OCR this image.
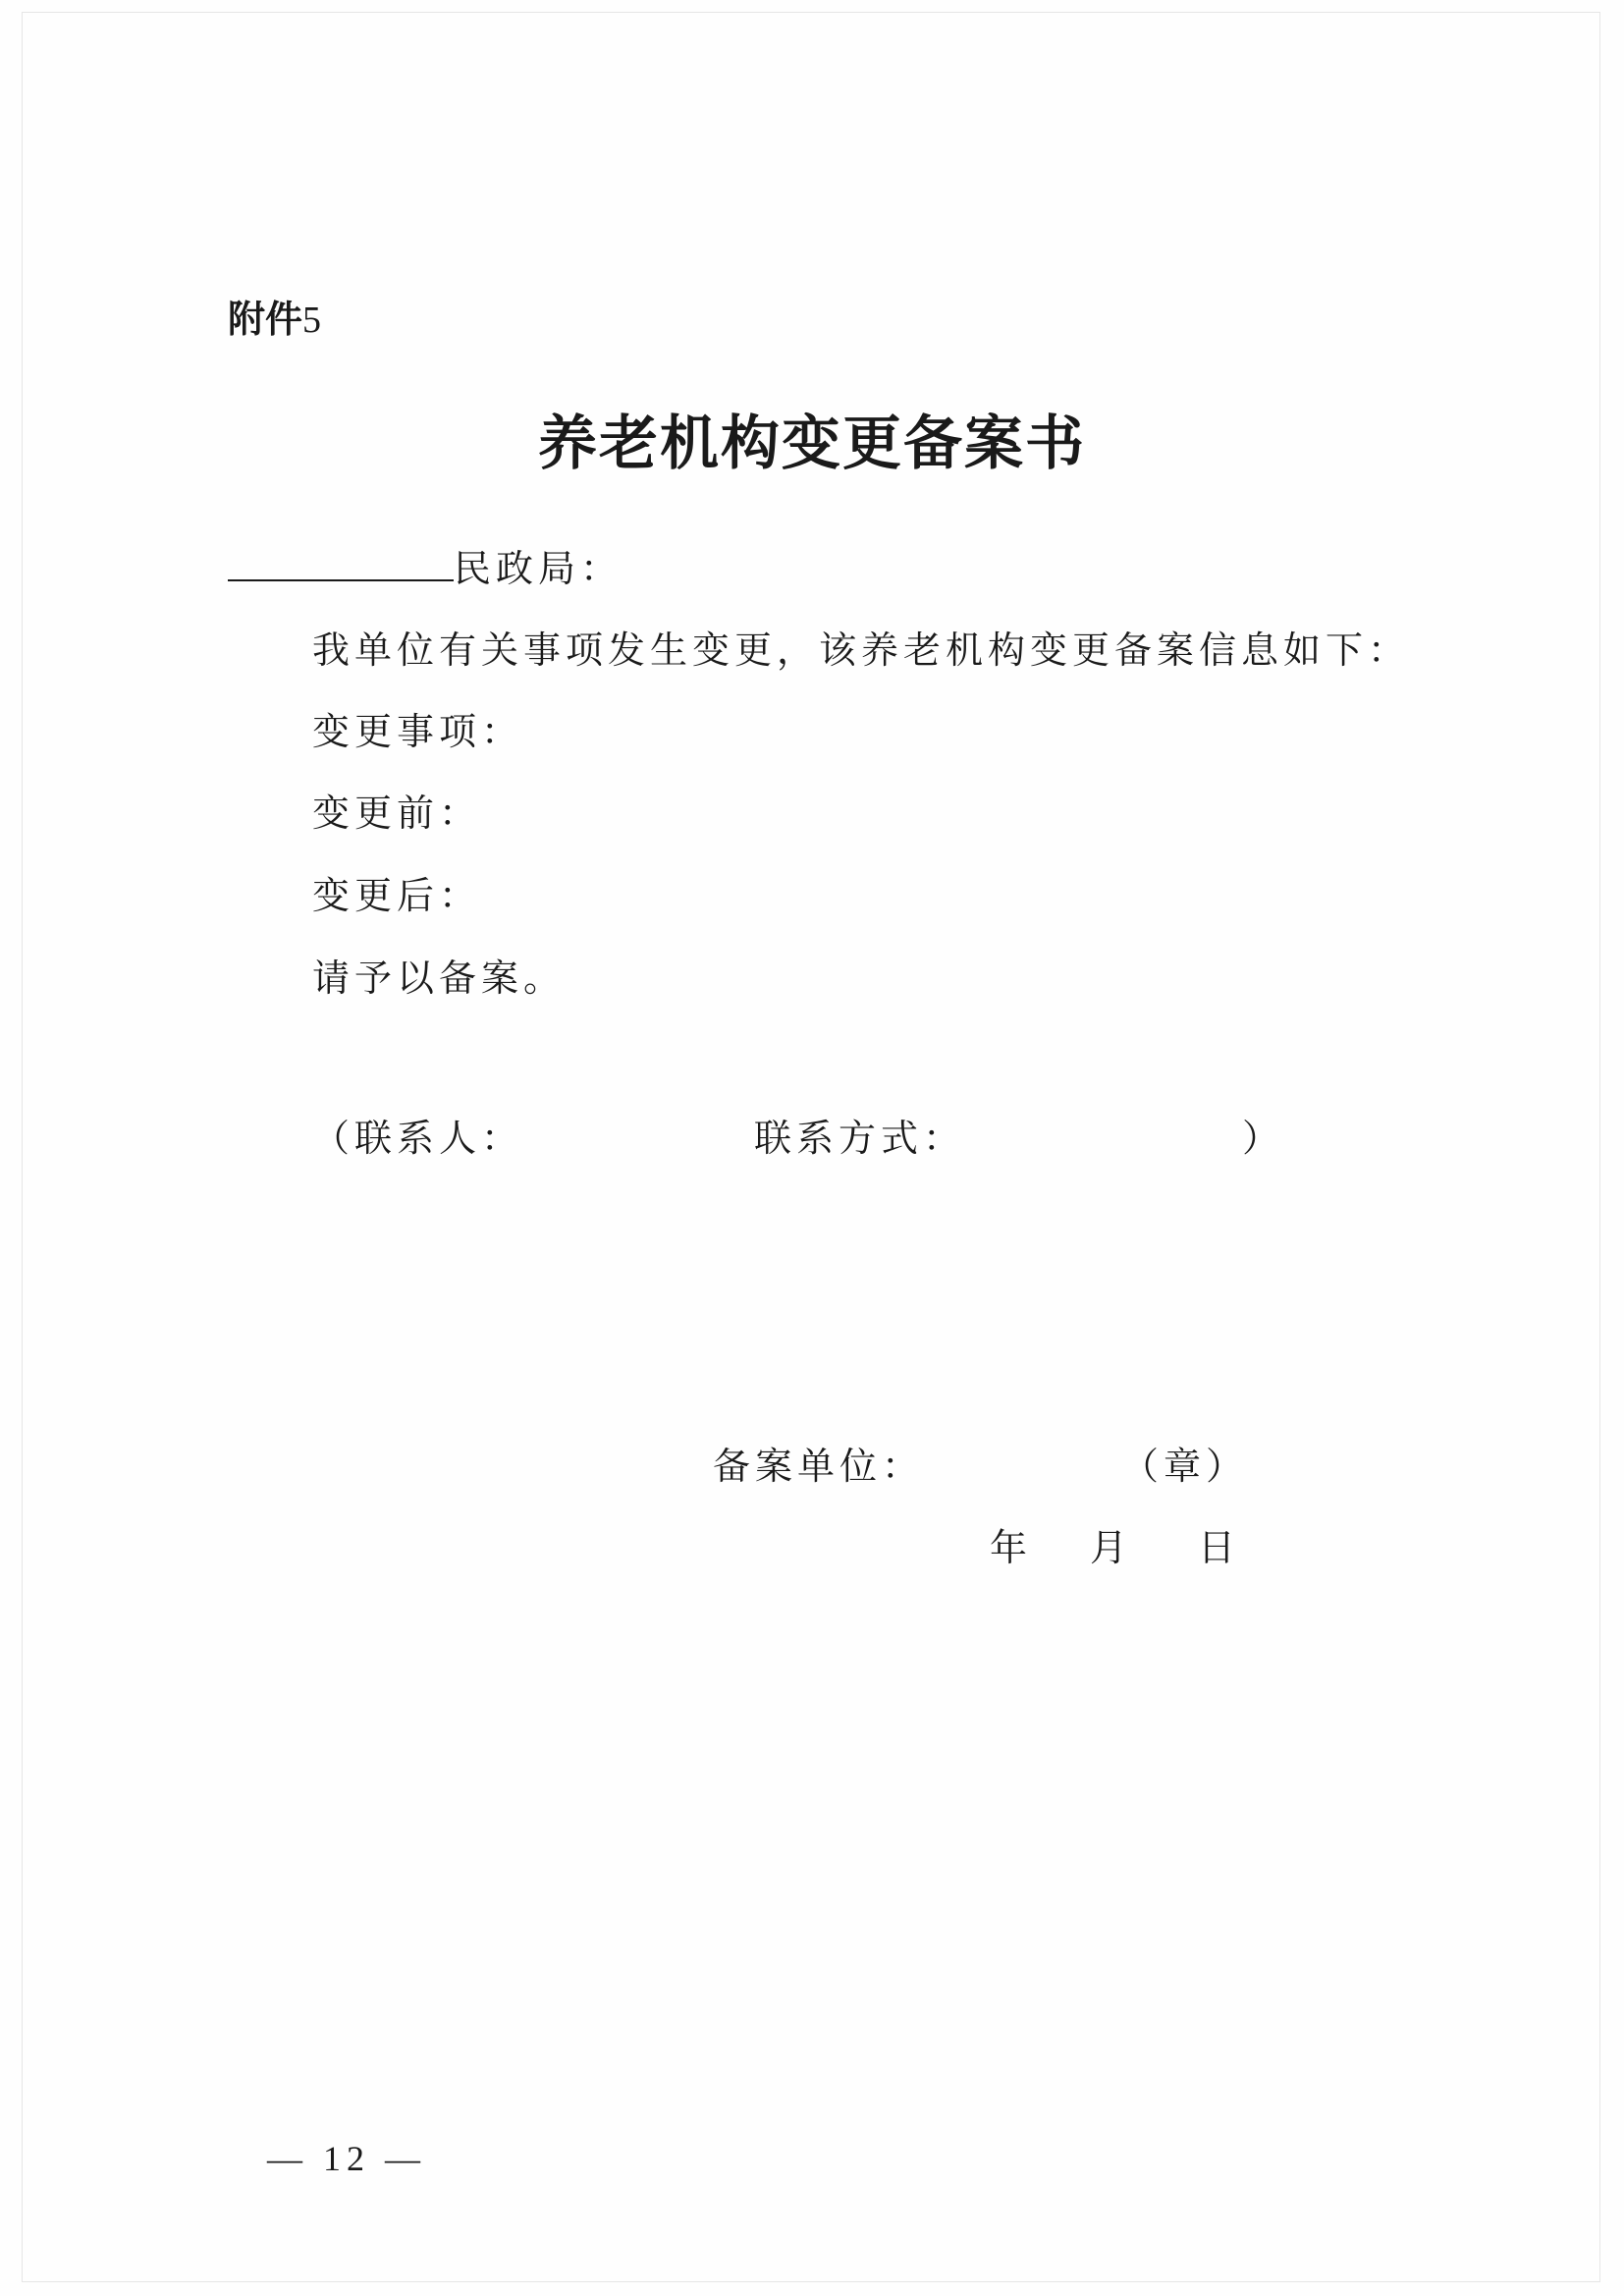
附件5
养老机构变更备案书
民政局：
我单位有关事项发生变更，该养老机构变更备案信息如下：
变更事项：
变更前：
变更后：
请予以备案。
（联系人：	联系方式：	）
备案单位：	（章）
年 月 日
— 12 —
